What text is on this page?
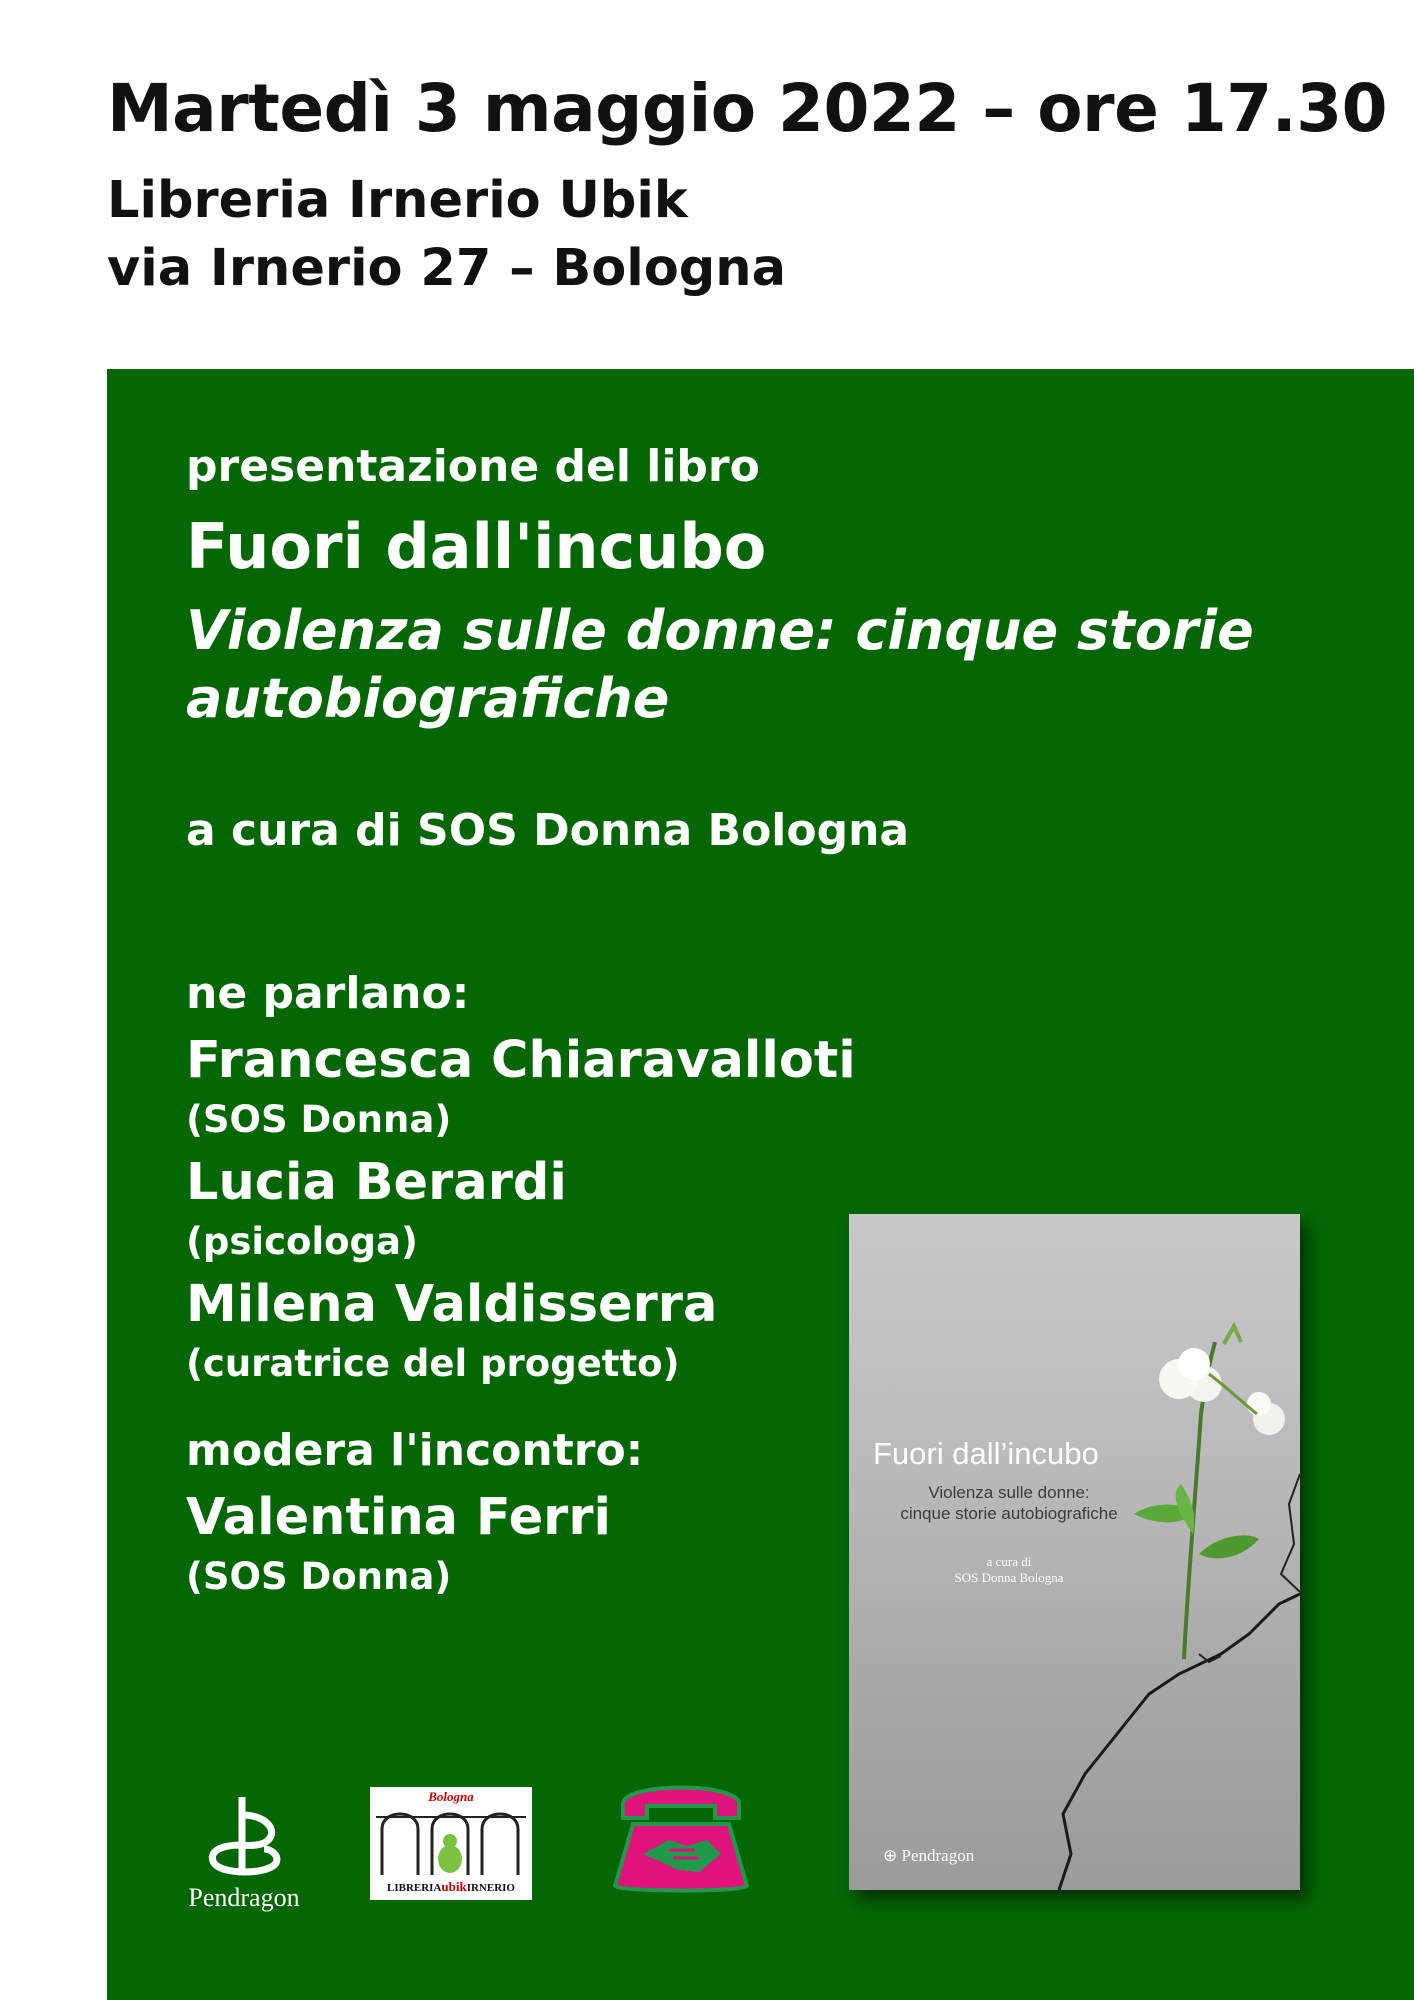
Martedì 3 maggio 2022 – ore 17.30
Libreria Irnerio Ubik
via Irnerio 27 – Bologna
presentazione del libro
Fuori dall'incubo
Violenza sulle donne: cinque storie autobiografiche
a cura di SOS Donna Bologna
ne parlano:
Francesca Chiaravalloti
(SOS Donna)
Lucia Berardi
(psicologa)
Milena Valdisserra
(curatrice del progetto)
modera l'incontro:
Valentina Ferri
(SOS Donna)
Fuori dall’incubo
Violenza sulle donne:
cinque storie autobiografiche
a cura di
SOS Donna Bologna
⊕ Pendragon
Pendragon
Bologna
LIBRERIAubikIRNERIO
